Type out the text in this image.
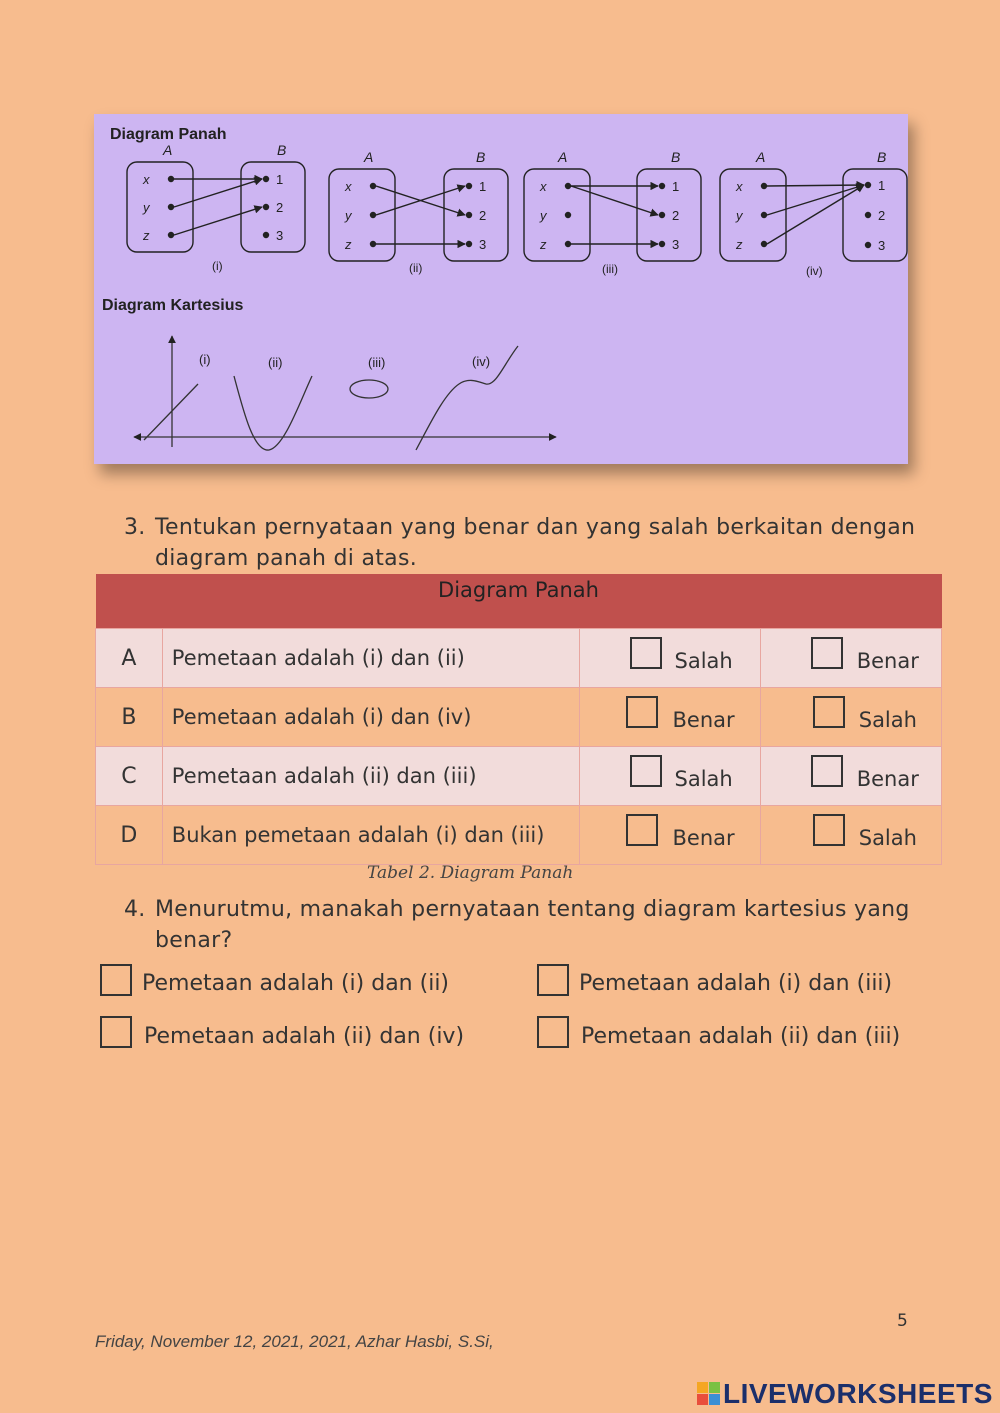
Diagram Panah
Diagram Kartesius
A	B
x
y
z
1
2
3
(i)
A	B
x
y
z
1
2
3
(ii)
A	B
x
y
z
1
2
3
(iii)
A	B
x
y
z
1
2
3
(iv)
(i)	(ii)	(iii)	(iv)
3. Tentukan pernyataan yang benar dan yang salah berkaitan dengan
diagram panah di atas.
Diagram Panah			
A	Pemetaan adalah (i) dan (ii)	Salah	Benar

B	Pemetaan adalah (i) dan (iv)	Benar	Salah

C	Pemetaan adalah (ii) dan (iii)	Salah	Benar

D	Bukan pemetaan adalah (i) dan (iii)	Benar	Salah
Tabel 2. Diagram Panah
4. Menurutmu, manakah pernyataan tentang diagram kartesius yang
benar?
Pemetaan adalah (i) dan (ii)	Pemetaan adalah (i) dan (iii)
Pemetaan adalah (ii) dan (iv)	Pemetaan adalah (ii) dan (iii)
5
Friday, November 12, 2021, 2021, Azhar Hasbi, S.Si,
LIVEWORKSHEETS
